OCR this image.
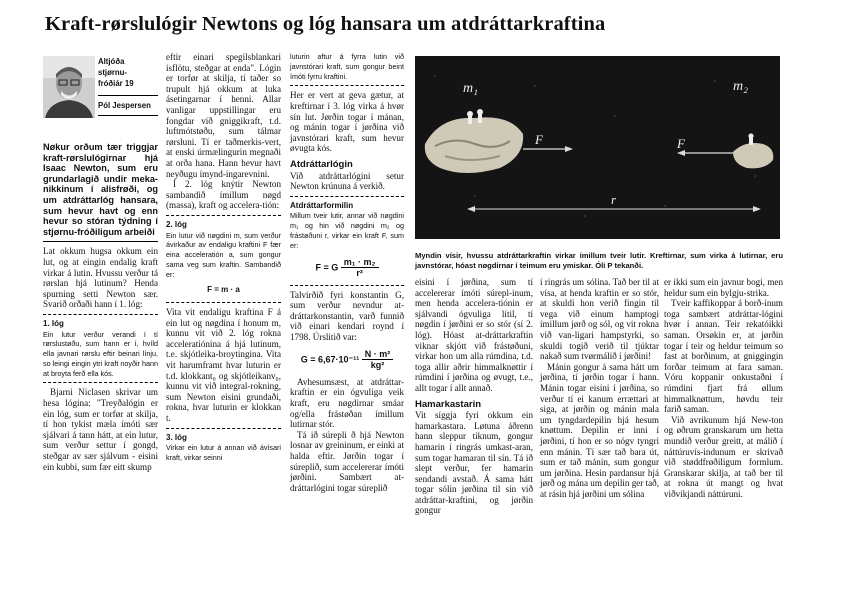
Kraft-rørslulógir Newtons og lóg hansara um atdráttarkraftina
Altjóða
stjørnu-
fróðiár 19
Pól Jespersen

Nøkur orðum tær triggjar kraft-rørslulógirnar hjá Isaac Newton, sum eru grundarlagið undir meka-nikkinum í alisfrøði, og um atdráttarlóg hansara, sum hevur havt og enn hevur so stóran týdning í stjørnu-fróðiligum arbeiði

Lat okkum hugsa okkum ein lut, og at eingin endalig kraft virkar á lutin. Hvussu verður tá rørslan hjá lutinum? Henda spurning setti Newton sær. Svarið orðaði hann í 1. lóg:

1. lóg

Ein lutur verður verandi í tí rørslustøðu, sum hann er í, hvíld ella javnari rørslu eftir beinari línju, so leingi eingin ytri kraft noyðir hann at broyta ferð ella kós.

Bjarni Niclasen skrivar um hesa lógina: "Treyðalógin er ein lóg, sum er torfør at skilja, tí hon tykist mæla ímóti sær sjálvari á tann hátt, at ein lutur, sum verður settur í gongd, steðgar av sær sjálvum - eisini ein kubbi, sum fær eitt skump

eftir einari spegilsblankari ísflötu, steðgar at enda". Lógin er torfør at skilja, tí taðer so trupult hjá okkum at luka ásetingarnar í henni. Allar vanligar uppstillingar eru fongdar við gniggikraft, t.d. luftmótstøðu, sum tálmar rørsluni. Tí er taðmerkis-vert, at enski úrmælingurin megnaði at orða hana. Hann hevur havt neyðugu ímynd-ingarevnini.

Í 2. lóg knýtir Newton sambandið ímillum nøgd (massa), kraft og accelera-tión:

2. lóg

Ein lutur við nøgdini m, sum verður ávirkaður av endaligu kraftini F fær eina acceleratión a, sum gongur sama veg sum kraftin. Sambandið er:

F = m · a

Vita vit endaligu kraftina F á ein lut og nøgdina í honum m, kunnu vit við 2. lóg rokna acceleratiónina á hjá lutinum, t.e. skjótleika-broytingina. Vita vit harumframt hvar luturin er t.d. klokkant₀ og skjótleikanv₀, kunnu vit við integral-rokning, sum Newton eisini grundaði, rokna, hvar luturin er klokkan t.

3. lóg

Virkar ein lutur á annan við ávísari kraft, virkar seinni

luturin aftur á fyrra lutin við javnstórari kraft, sum gongur beint ímóti fyrru kraftini.

Her er vert at geva gætur, at kreftirnar í 3. lóg virka á hvør sín lut. Jørðin togar í mánan, og mánin togar í jørðina við javnstórari kraft, sum hevur øvugta kós.

Atdráttarlógin

Við atdráttarlógini setur Newton krúnuna á verkið.

Atdráttarformilin

Millum tveir lutir, annar við nøgdini m₁ og hin við nøgdini m₂ og frástøðuni r, virkar ein kraft F, sum er:

F = G $\frac{\text{m₁ · m₂}}{\text{r²}}$

Talvirðið fyri konstantin G, sum verður nevndur at-dráttarkonstantin, varð funnið við einari kendari roynd í 1798. Úrslitið var:

$G = 6,67\cdot 10^{-11} \frac{\text{N · m²}}{\text{kg²}}$

Avhesumsæst, at atdráttar-kraftin er ein ógvuliga veik kraft, eru nøgdirnar smáar og/ella frástøðan ímillum lutirnar stór.

Tá ið súrepli ð hjá Newton losnar av greininum, er einki at halda eftir. Jørðin togar í súreplið, sum accelererar ímóti jørðini. Sambært at-dráttarlógini togar súreplið

m₁	m₂
F	F
r

Myndin vísir, hvussu atdráttarkraftin virkar ímillum tveir lutir. Kreftirnar, sum virka á lutirnar, eru javnstórar, hóast nøgdirnar í teimum eru ymiskar. Óli P tekanði.

eisini í jørðina, sum tí accelererar ímóti súrepl-inum, men henda accelera-tiónin er sjálvandi ógvuliga lítil, tí nøgdin í jørðini er so stór (sí 2. lóg). Hóast at-dráttarkraftin viknar skjótt við frástøðuni, virkar hon um alla rúmdina, t.d. toga allir aðrir himmalknøttir í rúmdini í jørðina og øvugt, t.e., allt togar í allt annað.

Hamarkastarin

Vit síggja fyri okkum ein hamarkastara. Løtuna áðrenn hann sleppur tiknum, gongur hamarin í ringrás umkast-aran, sum togar hamaran til sín. Tá ið slept verður, fer hamarin sendandi avstað. Á sama hátt togar sólin jørðina til sín við atdráttar-kraftini, og jørðin gongur

í ringrás um sólina. Tað ber til at vísa, at henda kraftin er so stór, at skuldi hon verið fingin til vega við einum hamptogi ímillum jørð og sól, og vit rokna við van-ligari hampstyrki, so skuldi togið verið til tjúktar nakað sum tvørmálið í jørðini!

Mánin gongur á sama hátt um jørðina, tí jørðin togar í hann. Mánin togar eisini í jørðina, so verður tí ei kanum errættari at siga, at jørðin og mánin mala um tyngdardepilin hjá hesum knøttum. Depilin er inni í jørðini, tí hon er so nógv tyngri enn mánin. Tí sær tað bara út, sum er tað mánin, sum gongur um jørðina. Hesin pardansur hjá jørð og mána um depilin ger tað, at rásin hjá jørðini um sólina

er ikki sum ein javnur bogi, men heldur sum ein bylgju-strika.

Tveir kaffikoppar á borð-inum toga sambært atdráttar-lógini hvør í annan. Teir rekatóikki saman. Orsøkin er, at jørðin togar í teir og heldur teimum so fast at borðinum, at gniggingin forðar teimum at fara saman. Vóru koppanir onkustaðni í rúmdini fjart frá øllum himmalknøttum, høvdu teir farið saman.

Við avrikunum hjá New-ton og øðrum granskarum um hetta mundið verður greitt, at málið í náttúruvís-indunum er skrivað við støddfrøðiligum formlum. Granskarar skilja, at tað ber til at rokna út mangt og hvat viðvíkjandi náttúruni.
